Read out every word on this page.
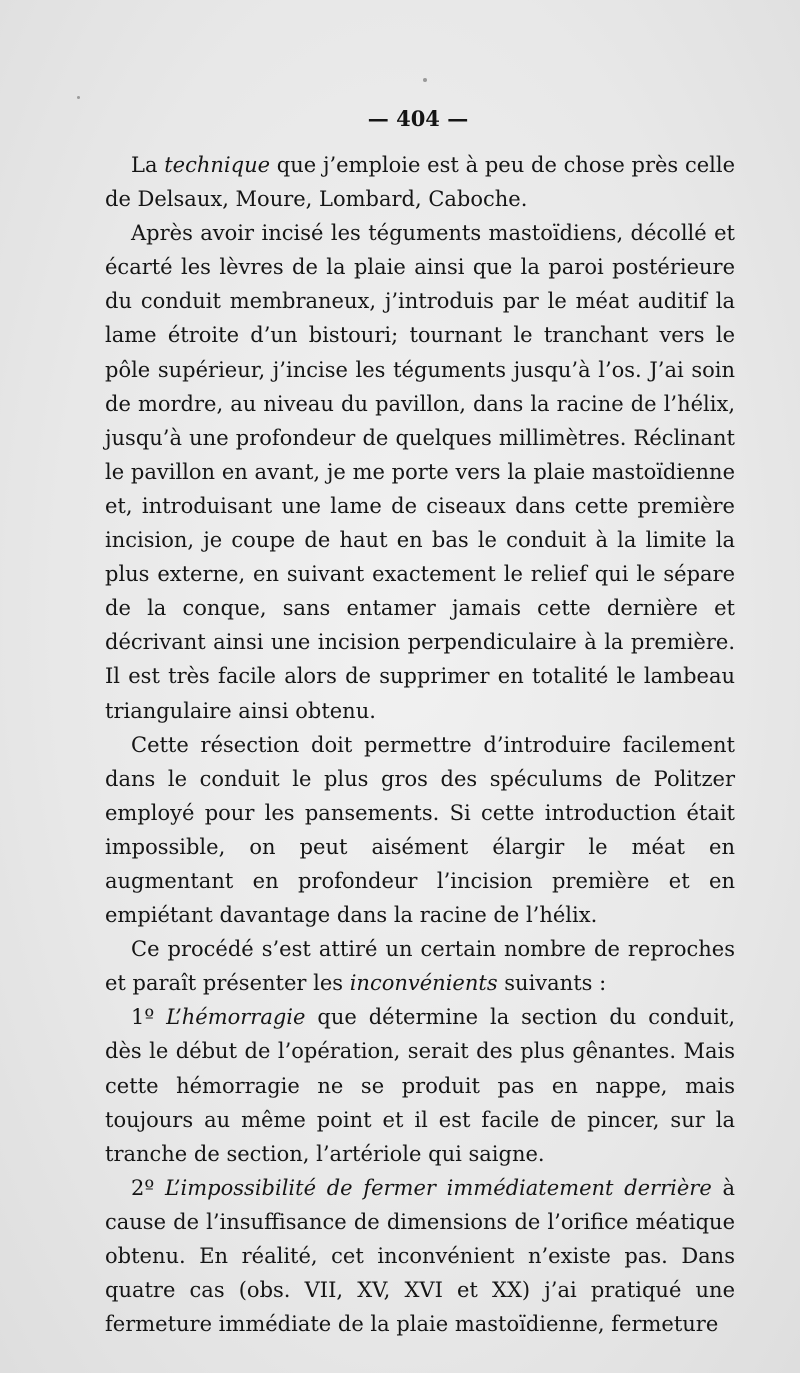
— 404 —

La technique que j’emploie est à peu de chose près celle de Delsaux, Moure, Lombard, Caboche.

Après avoir incisé les téguments mastoïdiens, décollé et écarté les lèvres de la plaie ainsi que la paroi postérieure du conduit membraneux, j’introduis par le méat auditif la lame étroite d’un bistouri; tournant le tranchant vers le pôle supérieur, j’incise les téguments jusqu’à l’os. J’ai soin de mordre, au niveau du pavillon, dans la racine de l’hélix, jusqu’à une profondeur de quelques millimètres. Réclinant le pavillon en avant, je me porte vers la plaie mastoïdienne et, introduisant une lame de ciseaux dans cette première incision, je coupe de haut en bas le conduit à la limite la plus externe, en suivant exactement le relief qui le sépare de la conque, sans entamer jamais cette dernière et décrivant ainsi une incision perpendiculaire à la première. Il est très facile alors de supprimer en totalité le lambeau triangulaire ainsi obtenu.

Cette résection doit permettre d’introduire facilement dans le conduit le plus gros des spéculums de Politzer employé pour les pansements. Si cette introduction était impossible, on peut aisément élargir le méat en augmentant en profondeur l’incision première et en empiétant davantage dans la racine de l’hélix.

Ce procédé s’est attiré un certain nombre de reproches et paraît présenter les inconvénients suivants :

1º L’hémorragie que détermine la section du conduit, dès le début de l’opération, serait des plus gênantes. Mais cette hémorragie ne se produit pas en nappe, mais toujours au même point et il est facile de pincer, sur la tranche de section, l’artériole qui saigne.

2º L’impossibilité de fermer immédiatement derrière à cause de l’insuffisance de dimensions de l’orifice méatique obtenu. En réalité, cet inconvénient n’existe pas. Dans quatre cas (obs. VII, XV, XVI et XX) j’ai pratiqué une fermeture immédiate de la plaie mastoïdienne, fermeture
